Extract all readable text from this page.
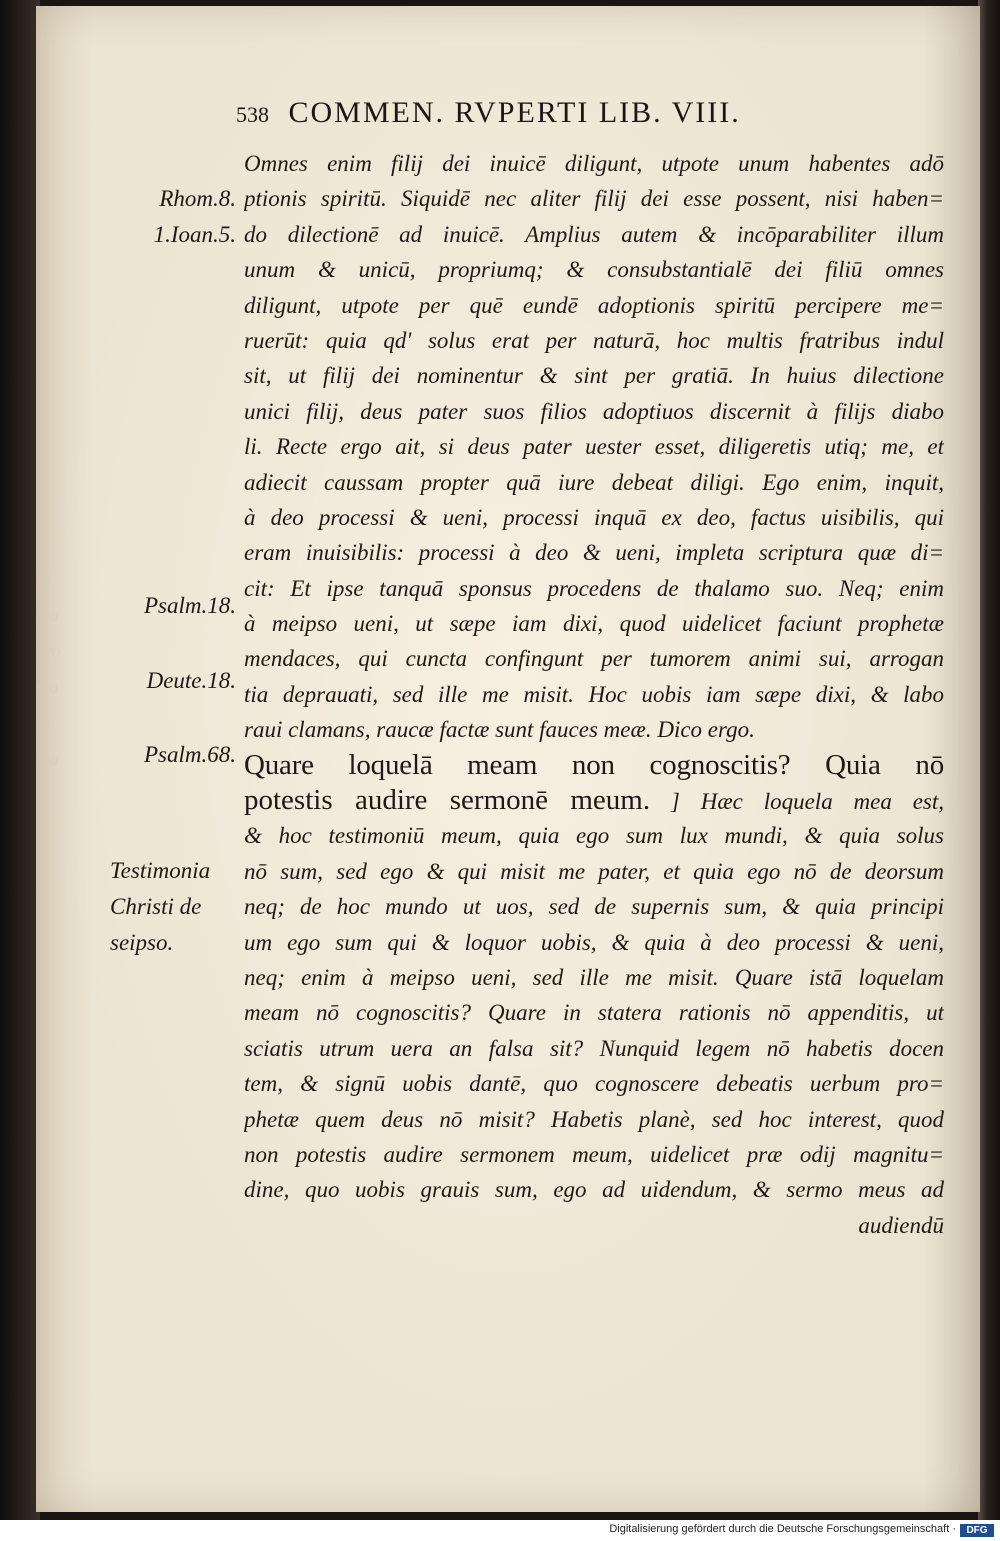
Fi
fha
aro
mo
re
ina
538 COMMEN. RVPERTI LIB. VIII.
Rhom.8.
1.Ioan.5.
Psalm.18.
Deute.18.
Psalm.68.
Testimonia
Christi de
seipso.
Omnes enim filij dei inuicē diligunt, utpote unum habentes adō
ptionis spiritū. Siquidē nec aliter filij dei esse possent, nisi haben=
do dilectionē ad inuicē. Amplius autem & incōparabiliter illum
unum & unicū, propriumq; & consubstantialē dei filiū omnes
diligunt, utpote per quē eundē adoptionis spiritū percipere me=
ruerūt: quia qd' solus erat per naturā, hoc multis fratribus indul
sit, ut filij dei nominentur & sint per gratiā. In huius dilectione
unici filij, deus pater suos filios adoptiuos discernit à filijs diabo
li. Recte ergo ait, si deus pater uester esset, diligeretis utiq; me, et
adiecit caussam propter quā iure debeat diligi. Ego enim, inquit,
à deo processi & ueni, processi inquā ex deo, factus uisibilis, qui
eram inuisibilis: processi à deo & ueni, impleta scriptura quæ di=
cit: Et ipse tanquā sponsus procedens de thalamo suo. Neq; enim
à meipso ueni, ut sæpe iam dixi, quod uidelicet faciunt prophetæ
mendaces, qui cuncta confingunt per tumorem animi sui, arrogan
tia deprauati, sed ille me misit. Hoc uobis iam sæpe dixi, & labo
raui clamans, raucæ factæ sunt fauces meæ. Dico ergo.
Quare loquelā meam non cognoscitis? Quia nō
potestis audire sermonē meum. ] Hæc loquela mea est,
& hoc testimoniū meum, quia ego sum lux mundi, & quia solus
nō sum, sed ego & qui misit me pater, et quia ego nō de deorsum
neq; de hoc mundo ut uos, sed de supernis sum, & quia principi
um ego sum qui & loquor uobis, & quia à deo processi & ueni,
neq; enim à meipso ueni, sed ille me misit. Quare istā loquelam
meam nō cognoscitis? Quare in statera rationis nō appenditis, ut
sciatis utrum uera an falsa sit? Nunquid legem nō habetis docen
tem, & signū uobis dantē, quo cognoscere debeatis uerbum pro=
phetæ quem deus nō misit? Habetis planè, sed hoc interest, quod
non potestis audire sermonem meum, uidelicet præ odij magnitu=
dine, quo uobis grauis sum, ego ad uidendum, & sermo meus ad
audiendū
Digitalisierung gefördert durch die Deutsche Forschungsgemeinschaft ·	DFG
